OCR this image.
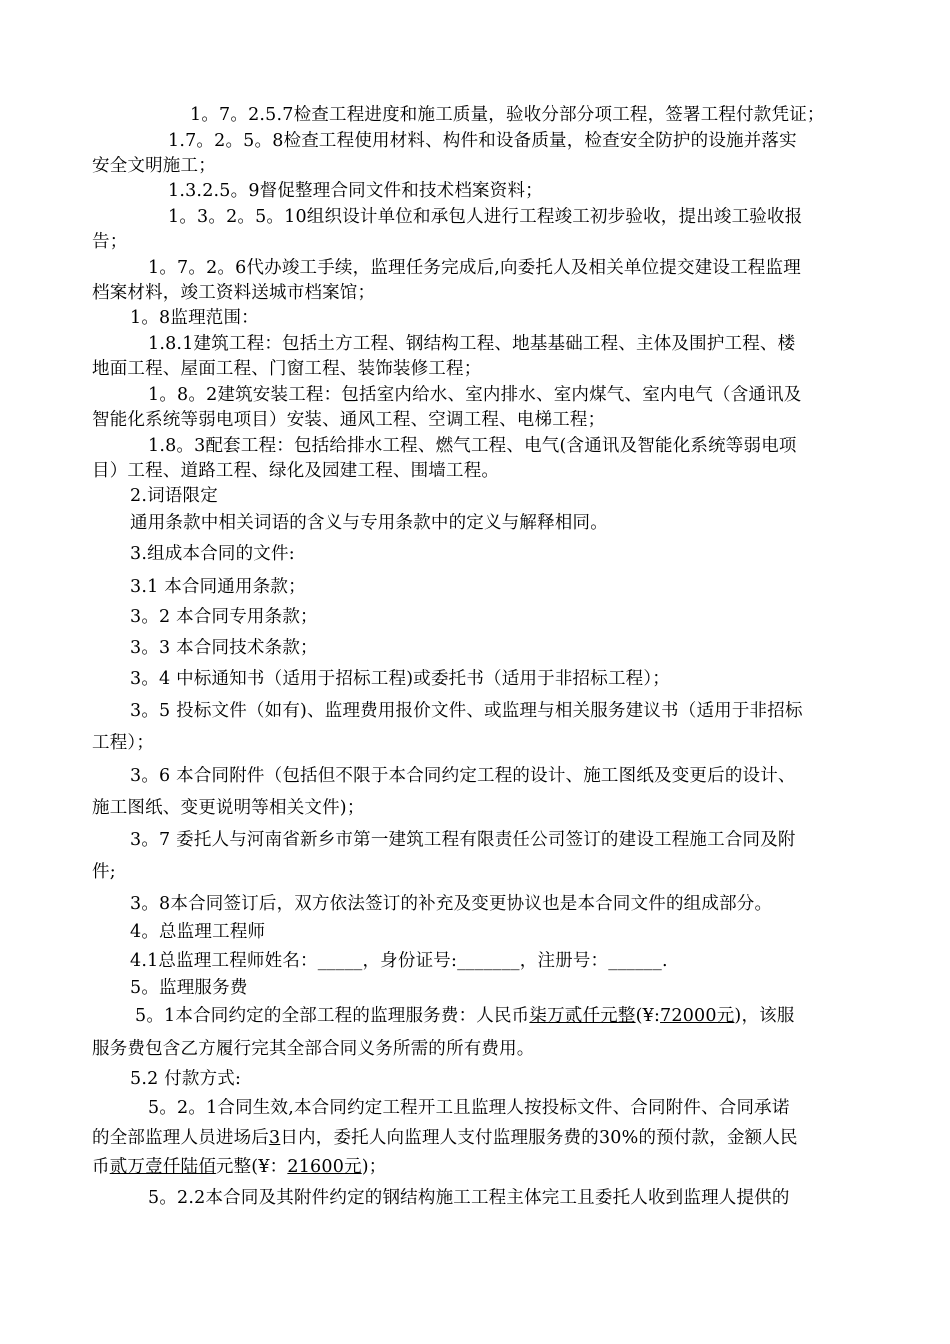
1。7。2.5.7检查工程进度和施工质量，验收分部分项工程，签署工程付款凭证；
1.7。2。5。8检查工程使用材料、构件和设备质量，检查安全防护的设施并落实
安全文明施工；
1.3.2.5。9督促整理合同文件和技术档案资料；
1。3。2。5。10组织设计单位和承包人进行工程竣工初步验收，提出竣工验收报
告；
1。7。2。6代办竣工手续，监理任务完成后,向委托人及相关单位提交建设工程监理
档案材料，竣工资料送城市档案馆；
1。8监理范围：
1.8.1建筑工程：包括土方工程、钢结构工程、地基基础工程、主体及围护工程、楼
地面工程、屋面工程、门窗工程、装饰装修工程；
1。8。2建筑安装工程：包括室内给水、室内排水、室内煤气、室内电气（含通讯及
智能化系统等弱电项目）安装、通风工程、空调工程、电梯工程；
1.8。3配套工程：包括给排水工程、燃气工程、电气(含通讯及智能化系统等弱电项
目）工程、道路工程、绿化及园建工程、围墙工程。
2.词语限定
通用条款中相关词语的含义与专用条款中的定义与解释相同。
3.组成本合同的文件:
3.1 本合同通用条款；
3。2 本合同专用条款；
3。3 本合同技术条款；
3。4 中标通知书（适用于招标工程)或委托书（适用于非招标工程）；
3。5 投标文件（如有)、监理费用报价文件、或监理与相关服务建议书（适用于非招标
工程）；
3。6 本合同附件（包括但不限于本合同约定工程的设计、施工图纸及变更后的设计、
施工图纸、变更说明等相关文件)；
3。7 委托人与河南省新乡市第一建筑工程有限责任公司签订的建设工程施工合同及附
件;
3。8本合同签订后，双方依法签订的补充及变更协议也是本合同文件的组成部分。
4。总监理工程师
4.1总监理工程师姓名：_____，身份证号:_______，注册号：______.
5。监理服务费
5。1本合同约定的全部工程的监理服务费：人民币柒万贰仟元整(¥:72000元)，该服
服务费包含乙方履行完其全部合同义务所需的所有费用。
5.2 付款方式:
5。2。1合同生效,本合同约定工程开工且监理人按投标文件、合同附件、合同承诺
的全部监理人员进场后3日内，委托人向监理人支付监理服务费的30%的预付款，金额人民
币贰万壹仟陆佰元整(¥：21600元)；
5。2.2本合同及其附件约定的钢结构施工工程主体完工且委托人收到监理人提供的
